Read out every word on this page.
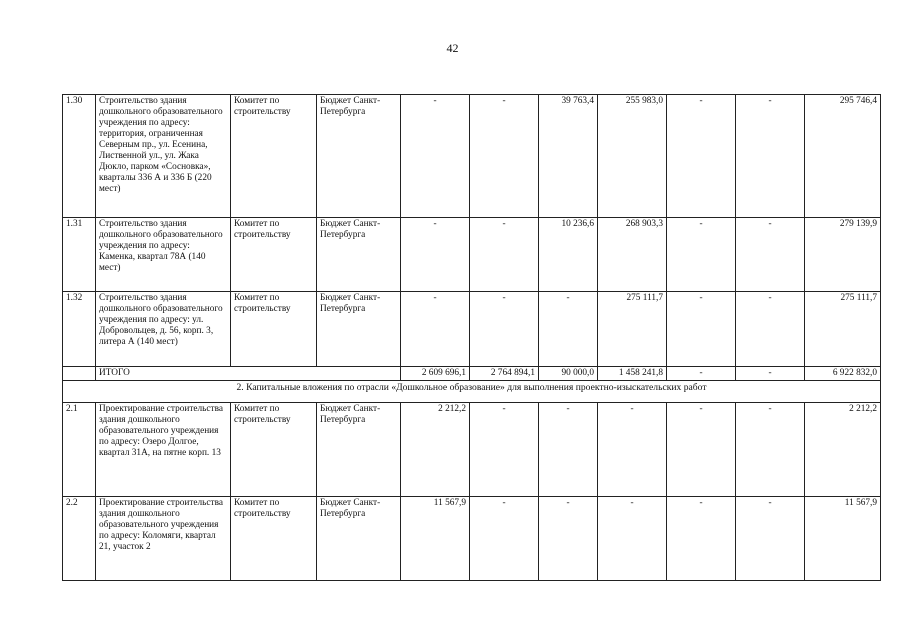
42
1.30	Строительство здания дошкольного образовательного учреждения по адресу: территория, ограниченная Северным пр., ул. Есенина, Лиственной ул., ул. Жака Дюкло, парком «Сосновка», кварталы 336 А и 336 Б (220 мест)	Комитет по строительству	Бюджет Санкт-Петербурга	-	-	39 763,4	255 983,0	-	-	295 746,4
1.31	Строительство здания дошкольного образовательного учреждения по адресу: Каменка, квартал 78А (140 мест)	Комитет по строительству	Бюджет Санкт-Петербурга	-	-	10 236,6	268 903,3	-	-	279 139,9
1.32	Строительство здания дошкольного образовательного учреждения по адресу: ул. Добровольцев, д. 56, корп. 3, литера А (140 мест)	Комитет по строительству	Бюджет Санкт-Петербурга	-	-	-	275 111,7	-	-	275 111,7
	ИТОГО			2 609 696,1	2 764 894,1	90 000,0	1 458 241,8	-	-	6 922 832,0
2. Капитальные вложения по отрасли «Дошкольное образование» для выполнения проектно-изыскательских работ										
2.1	Проектирование строительства здания дошкольного образовательного учреждения по адресу: Озеро Долгое, квартал 31А, на пятне корп. 13	Комитет по строительству	Бюджет Санкт-Петербурга	2 212,2	-	-	-	-	-	2 212,2
2.2	Проектирование строительства здания дошкольного образовательного учреждения по адресу: Коломяги, квартал 21, участок 2	Комитет по строительству	Бюджет Санкт-Петербурга	11 567,9	-	-	-	-	-	11 567,9
